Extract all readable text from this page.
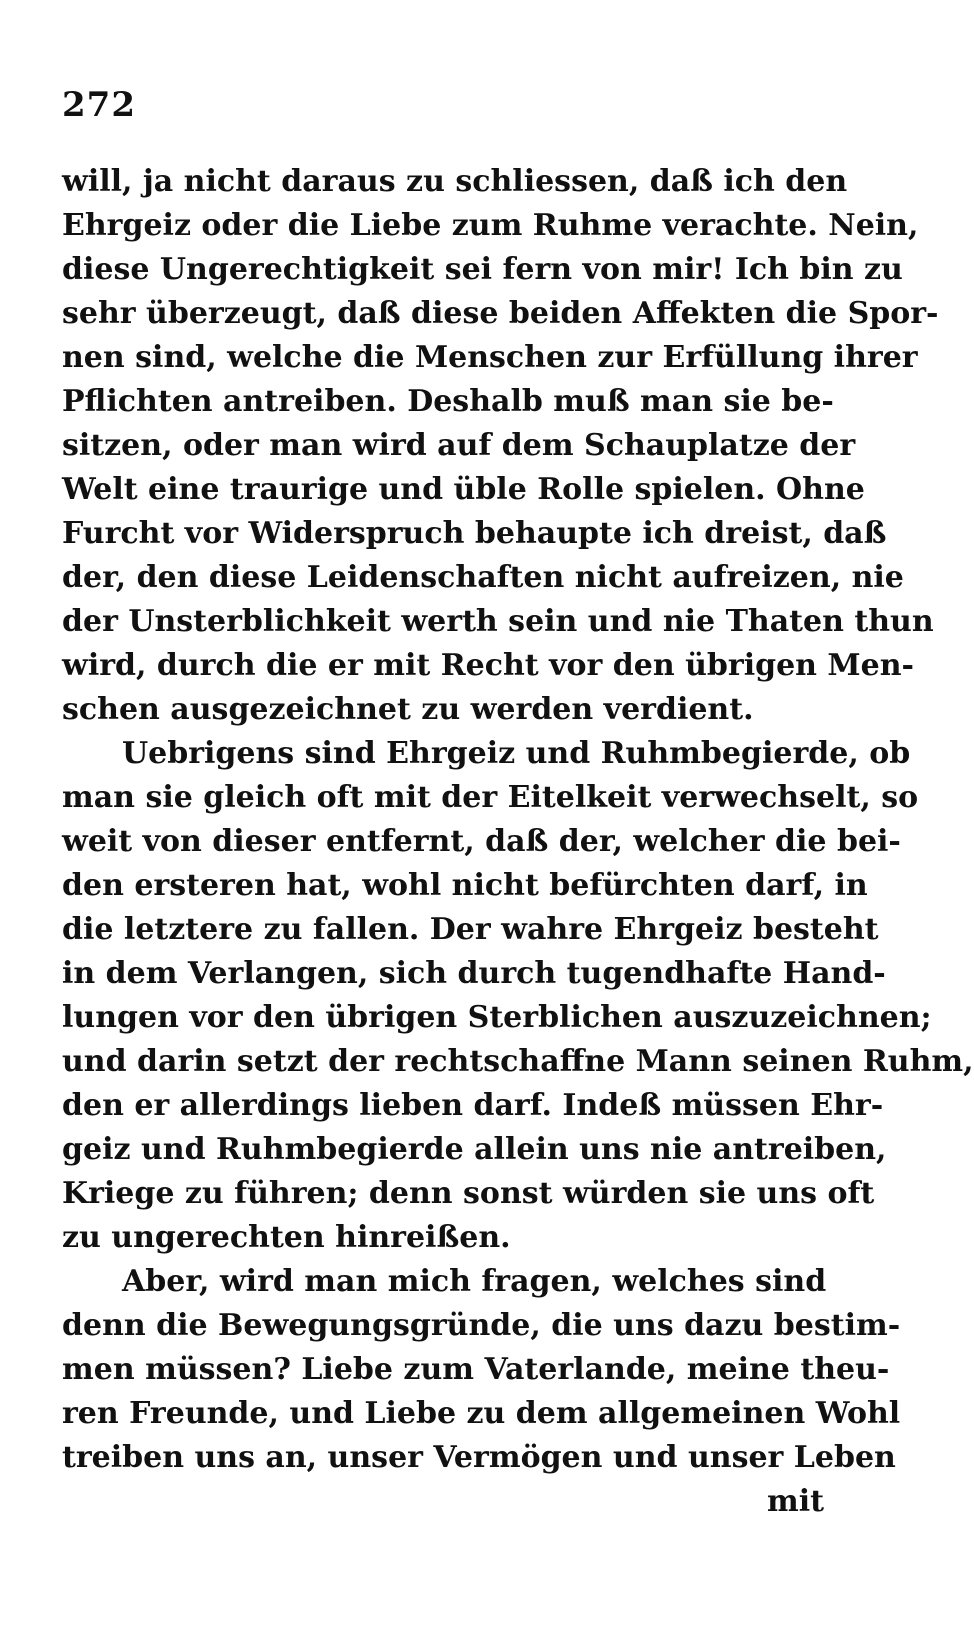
272
will, ja nicht daraus zu schliessen, daß ich den
Ehrgeiz oder die Liebe zum Ruhme verachte. Nein,
diese Ungerechtigkeit sei fern von mir! Ich bin zu
sehr überzeugt, daß diese beiden Affekten die Spor-
nen sind, welche die Menschen zur Erfüllung ihrer
Pflichten antreiben. Deshalb muß man sie be-
sitzen, oder man wird auf dem Schauplatze der
Welt eine traurige und üble Rolle spielen. Ohne
Furcht vor Widerspruch behaupte ich dreist, daß
der, den diese Leidenschaften nicht aufreizen, nie
der Unsterblichkeit werth sein und nie Thaten thun
wird, durch die er mit Recht vor den übrigen Men-
schen ausgezeichnet zu werden verdient.
Uebrigens sind Ehrgeiz und Ruhmbegierde, ob
man sie gleich oft mit der Eitelkeit verwechselt, so
weit von dieser entfernt, daß der, welcher die bei-
den ersteren hat, wohl nicht befürchten darf, in
die letztere zu fallen. Der wahre Ehrgeiz besteht
in dem Verlangen, sich durch tugendhafte Hand-
lungen vor den übrigen Sterblichen auszuzeichnen;
und darin setzt der rechtschaffne Mann seinen Ruhm,
den er allerdings lieben darf. Indeß müssen Ehr-
geiz und Ruhmbegierde allein uns nie antreiben,
Kriege zu führen; denn sonst würden sie uns oft
zu ungerechten hinreißen.
Aber, wird man mich fragen, welches sind
denn die Bewegungsgründe, die uns dazu bestim-
men müssen? Liebe zum Vaterlande, meine theu-
ren Freunde, und Liebe zu dem allgemeinen Wohl
treiben uns an, unser Vermögen und unser Leben
mit
